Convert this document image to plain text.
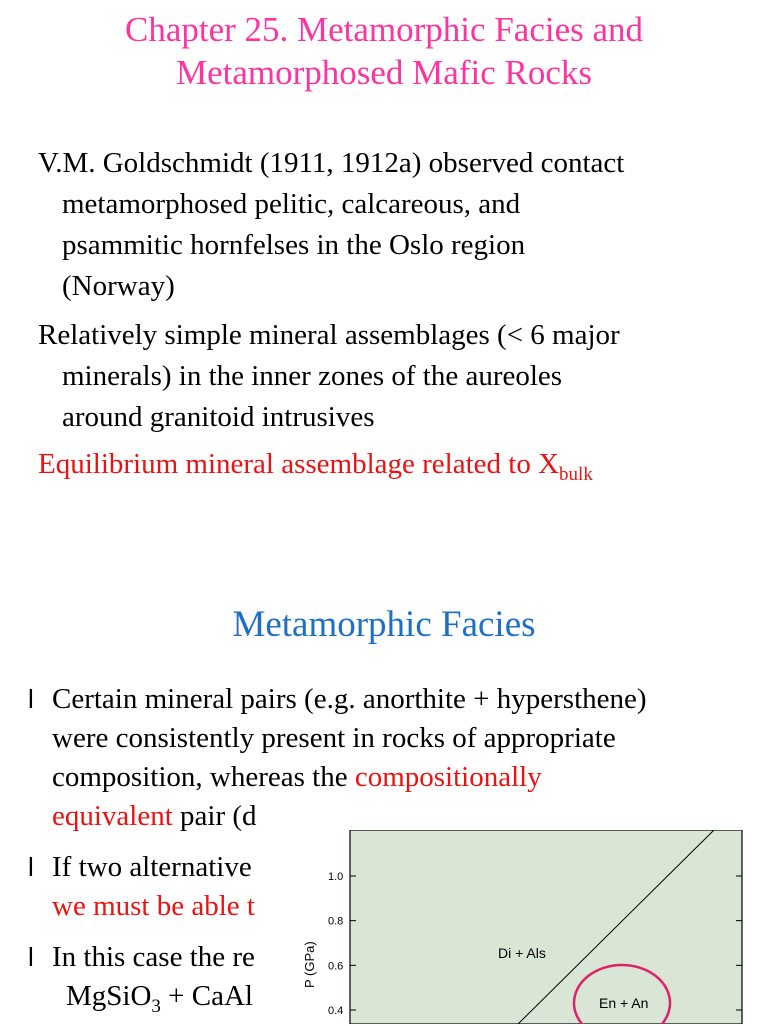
Chapter 25. Metamorphic Facies and
Metamorphosed Mafic Rocks
V.M. Goldschmidt (1911, 1912a) observed contact
metamorphosed pelitic, calcareous, and
psammitic hornfelses in the Oslo region
(Norway)
Relatively simple mineral assemblages (< 6 major
minerals) in the inner zones of the aureoles
around granitoid intrusives
Equilibrium mineral assemblage related to $X_{bulk}$
Metamorphic Facies
l Certain mineral pairs (e.g. anorthite + hypersthene)
were consistently present in rocks of appropriate
composition, whereas the compositionally
equivalent pair (d
l If two alternative
we must be able t
l In this case the re
MgSiO$_3$ + CaAl
P (GPa)
1.0
0.8
0.6
0.4
Di + Als
En + An
